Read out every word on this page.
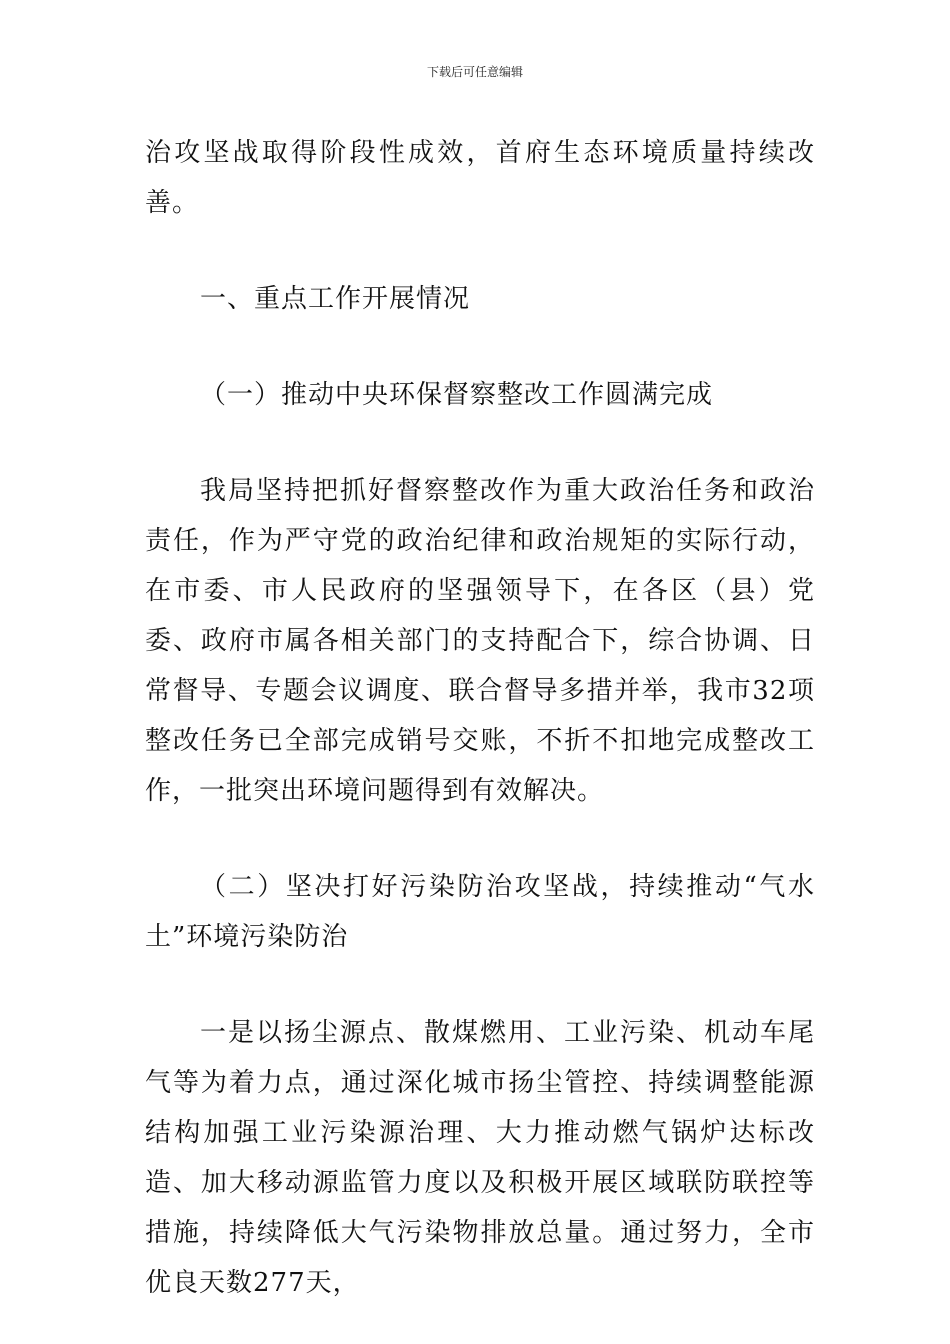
下载后可任意编辑

治攻坚战取得阶段性成效，首府生态环境质量持续改善。

一、重点工作开展情况

（一）推动中央环保督察整改工作圆满完成

我局坚持把抓好督察整改作为重大政治任务和政治责任，作为严守党的政治纪律和政治规矩的实际行动，在市委、市人民政府的坚强领导下，在各区（县）党委、政府市属各相关部门的支持配合下，综合协调、日常督导、专题会议调度、联合督导多措并举，我市32项整改任务已全部完成销号交账，不折不扣地完成整改工作，一批突出环境问题得到有效解决。

（二）坚决打好污染防治攻坚战，持续推动“气水土”环境污染防治

一是以扬尘源点、散煤燃用、工业污染、机动车尾气等为着力点，通过深化城市扬尘管控、持续调整能源结构加强工业污染源治理、大力推动燃气锅炉达标改造、加大移动源监管力度以及积极开展区域联防联控等措施，持续降低大气污染物排放总量。通过努力，全市优良天数277天，
